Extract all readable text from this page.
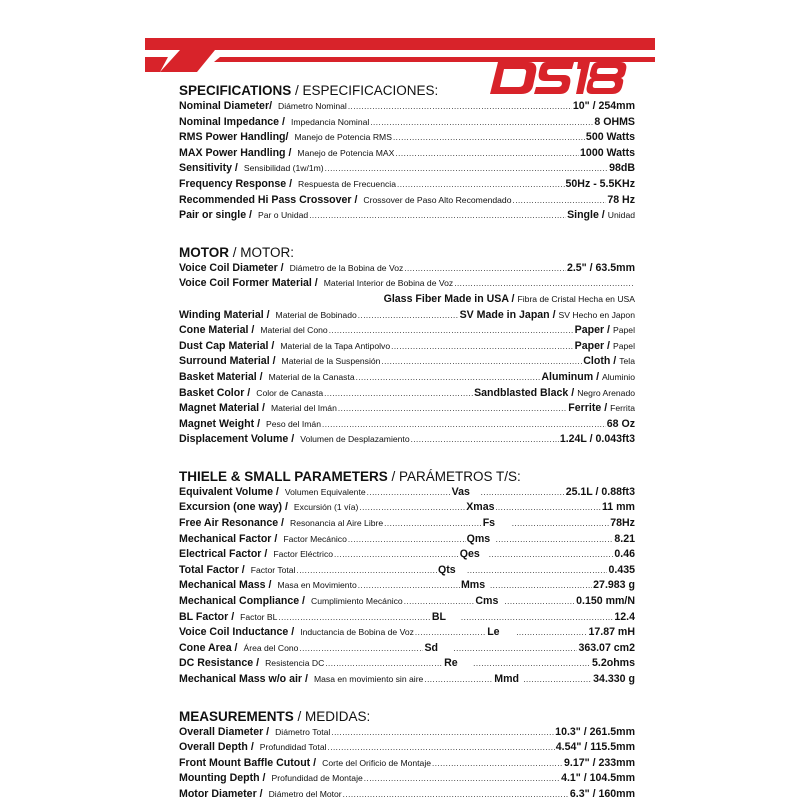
SPECIFICATIONS / ESPECIFICACIONES:
Nominal Diameter/ Diámetro Nominal .....	10" / 254mm
Nominal Impedance / Impedancia Nominal .....	8 OHMS
RMS Power Handling/ Manejo de Potencia RMS .....	500 Watts
MAX Power Handling / Manejo de Potencia MAX .....	1000 Watts
Sensitivity / Sensibilidad (1w/1m) .....	98dB
Frequency Response / Respuesta de Frecuencia .....	50Hz - 5.5KHz
Recommended Hi Pass Crossover / Crossover de Paso Alto Recomendado .....	78 Hz
Pair or single / Par o Unidad .....	Single / Unidad
MOTOR / MOTOR:
Voice Coil Diameter / Diámetro de la Bobina de Voz .....	2.5" / 63.5mm
Voice Coil Former Material / Material Interior de Bobina de Voz
.....
Glass Fiber Made in USA / Fibra de Cristal Hecha en USA
Winding Material / Material de Bobinado .....	SV Made in Japan / SV Hecho en Japon
Cone Material / Material del Cono .....	Paper / Papel
Dust Cap Material / Material de la Tapa Antipolvo .....	Paper / Papel
Surround Material / Material de la Suspensión .....	Cloth / Tela
Basket Material / Material de la Canasta .....	Aluminum / Aluminio
Basket Color / Color de Canasta .....	Sandblasted Black / Negro Arenado
Magnet Material / Material del Imán .....	Ferrite / Ferrita
Magnet Weight / Peso del Imán .....	68 Oz
Displacement Volume / Volumen de Desplazamiento .....	1.24L / 0.043ft3
THIELE & SMALL PARAMETERS / PARÁMETROS T/S:
Equivalent Volume / Volumen Equivalente .....	Vas .....	25.1L / 0.88ft3
Excursion (one way) / Excursión (1 vía) .....	Xmas .....	11 mm
Free Air Resonance / Resonancia al Aire Libre .....	Fs .....	78Hz
Mechanical Factor / Factor Mecánico .....	Qms .....	8.21
Electrical Factor / Factor Eléctrico .....	Qes .....	0.46
Total Factor / Factor Total .....	Qts .....	0.435
Mechanical Mass / Masa en Movimiento .....	Mms .....	27.983 g
Mechanical Compliance / Cumplimiento Mecánico .....	Cms .....	0.150 mm/N
BL Factor / Factor BL .....	BL .....	12.4
Voice Coil Inductance / Inductancia de Bobina de Voz .....	Le .....	17.87 mH
Cone Area / Área del Cono .....	Sd .....	363.07 cm2
DC Resistance / Resistencia DC .....	Re .....	5.2ohms
Mechanical Mass w/o air / Masa en movimiento sin aire .....	Mmd .....	34.330 g
MEASUREMENTS / MEDIDAS:
Overall Diameter / Diámetro Total .....	10.3" / 261.5mm
Overall Depth / Profundidad Total .....	4.54" / 115.5mm
Front Mount Baffle Cutout / Corte del Orificio de Montaje .....	9.17" / 233mm
Mounting Depth / Profundidad de Montaje .....	4.1" / 104.5mm
Motor Diameter / Diámetro del Motor .....	6.3" / 160mm
